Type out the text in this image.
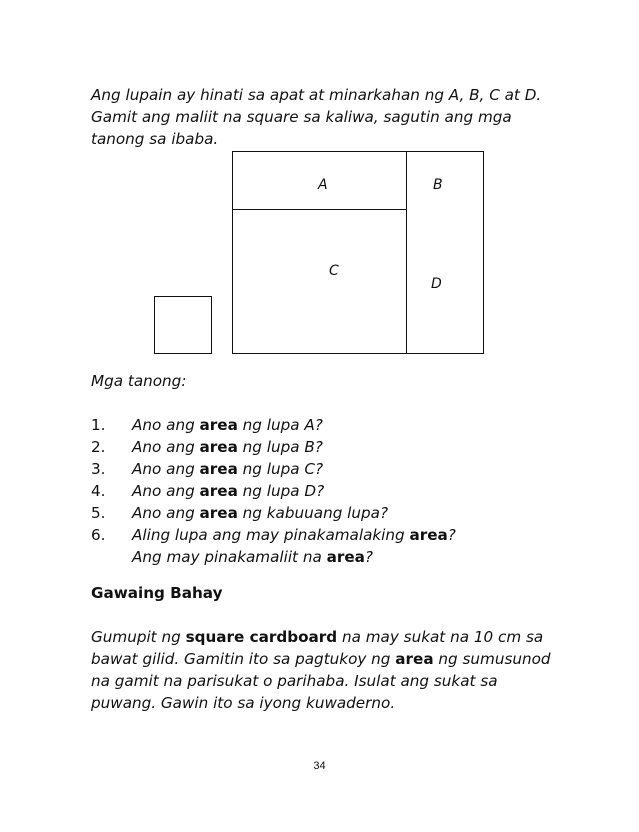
Ang lupain ay hinati sa apat at minarkahan ng A, B, C at D. Gamit ang maliit na square sa kaliwa, sagutin ang mga tanong sa ibaba.
A	B
C
D
Mga tanong:
1. Ano ang area ng lupa A?
2. Ano ang area ng lupa B?
3. Ano ang area ng lupa C?
4. Ano ang area ng lupa D?
5. Ano ang area ng kabuuang lupa?
6. Aling lupa ang may pinakamalaking area?
Ang may pinakamaliit na area?
Gawaing Bahay
Gumupit ng square cardboard na may sukat na 10 cm sa bawat gilid. Gamitin ito sa pagtukoy ng area ng sumusunod na gamit na parisukat o parihaba. Isulat ang sukat sa puwang. Gawin ito sa iyong kuwaderno.
34
